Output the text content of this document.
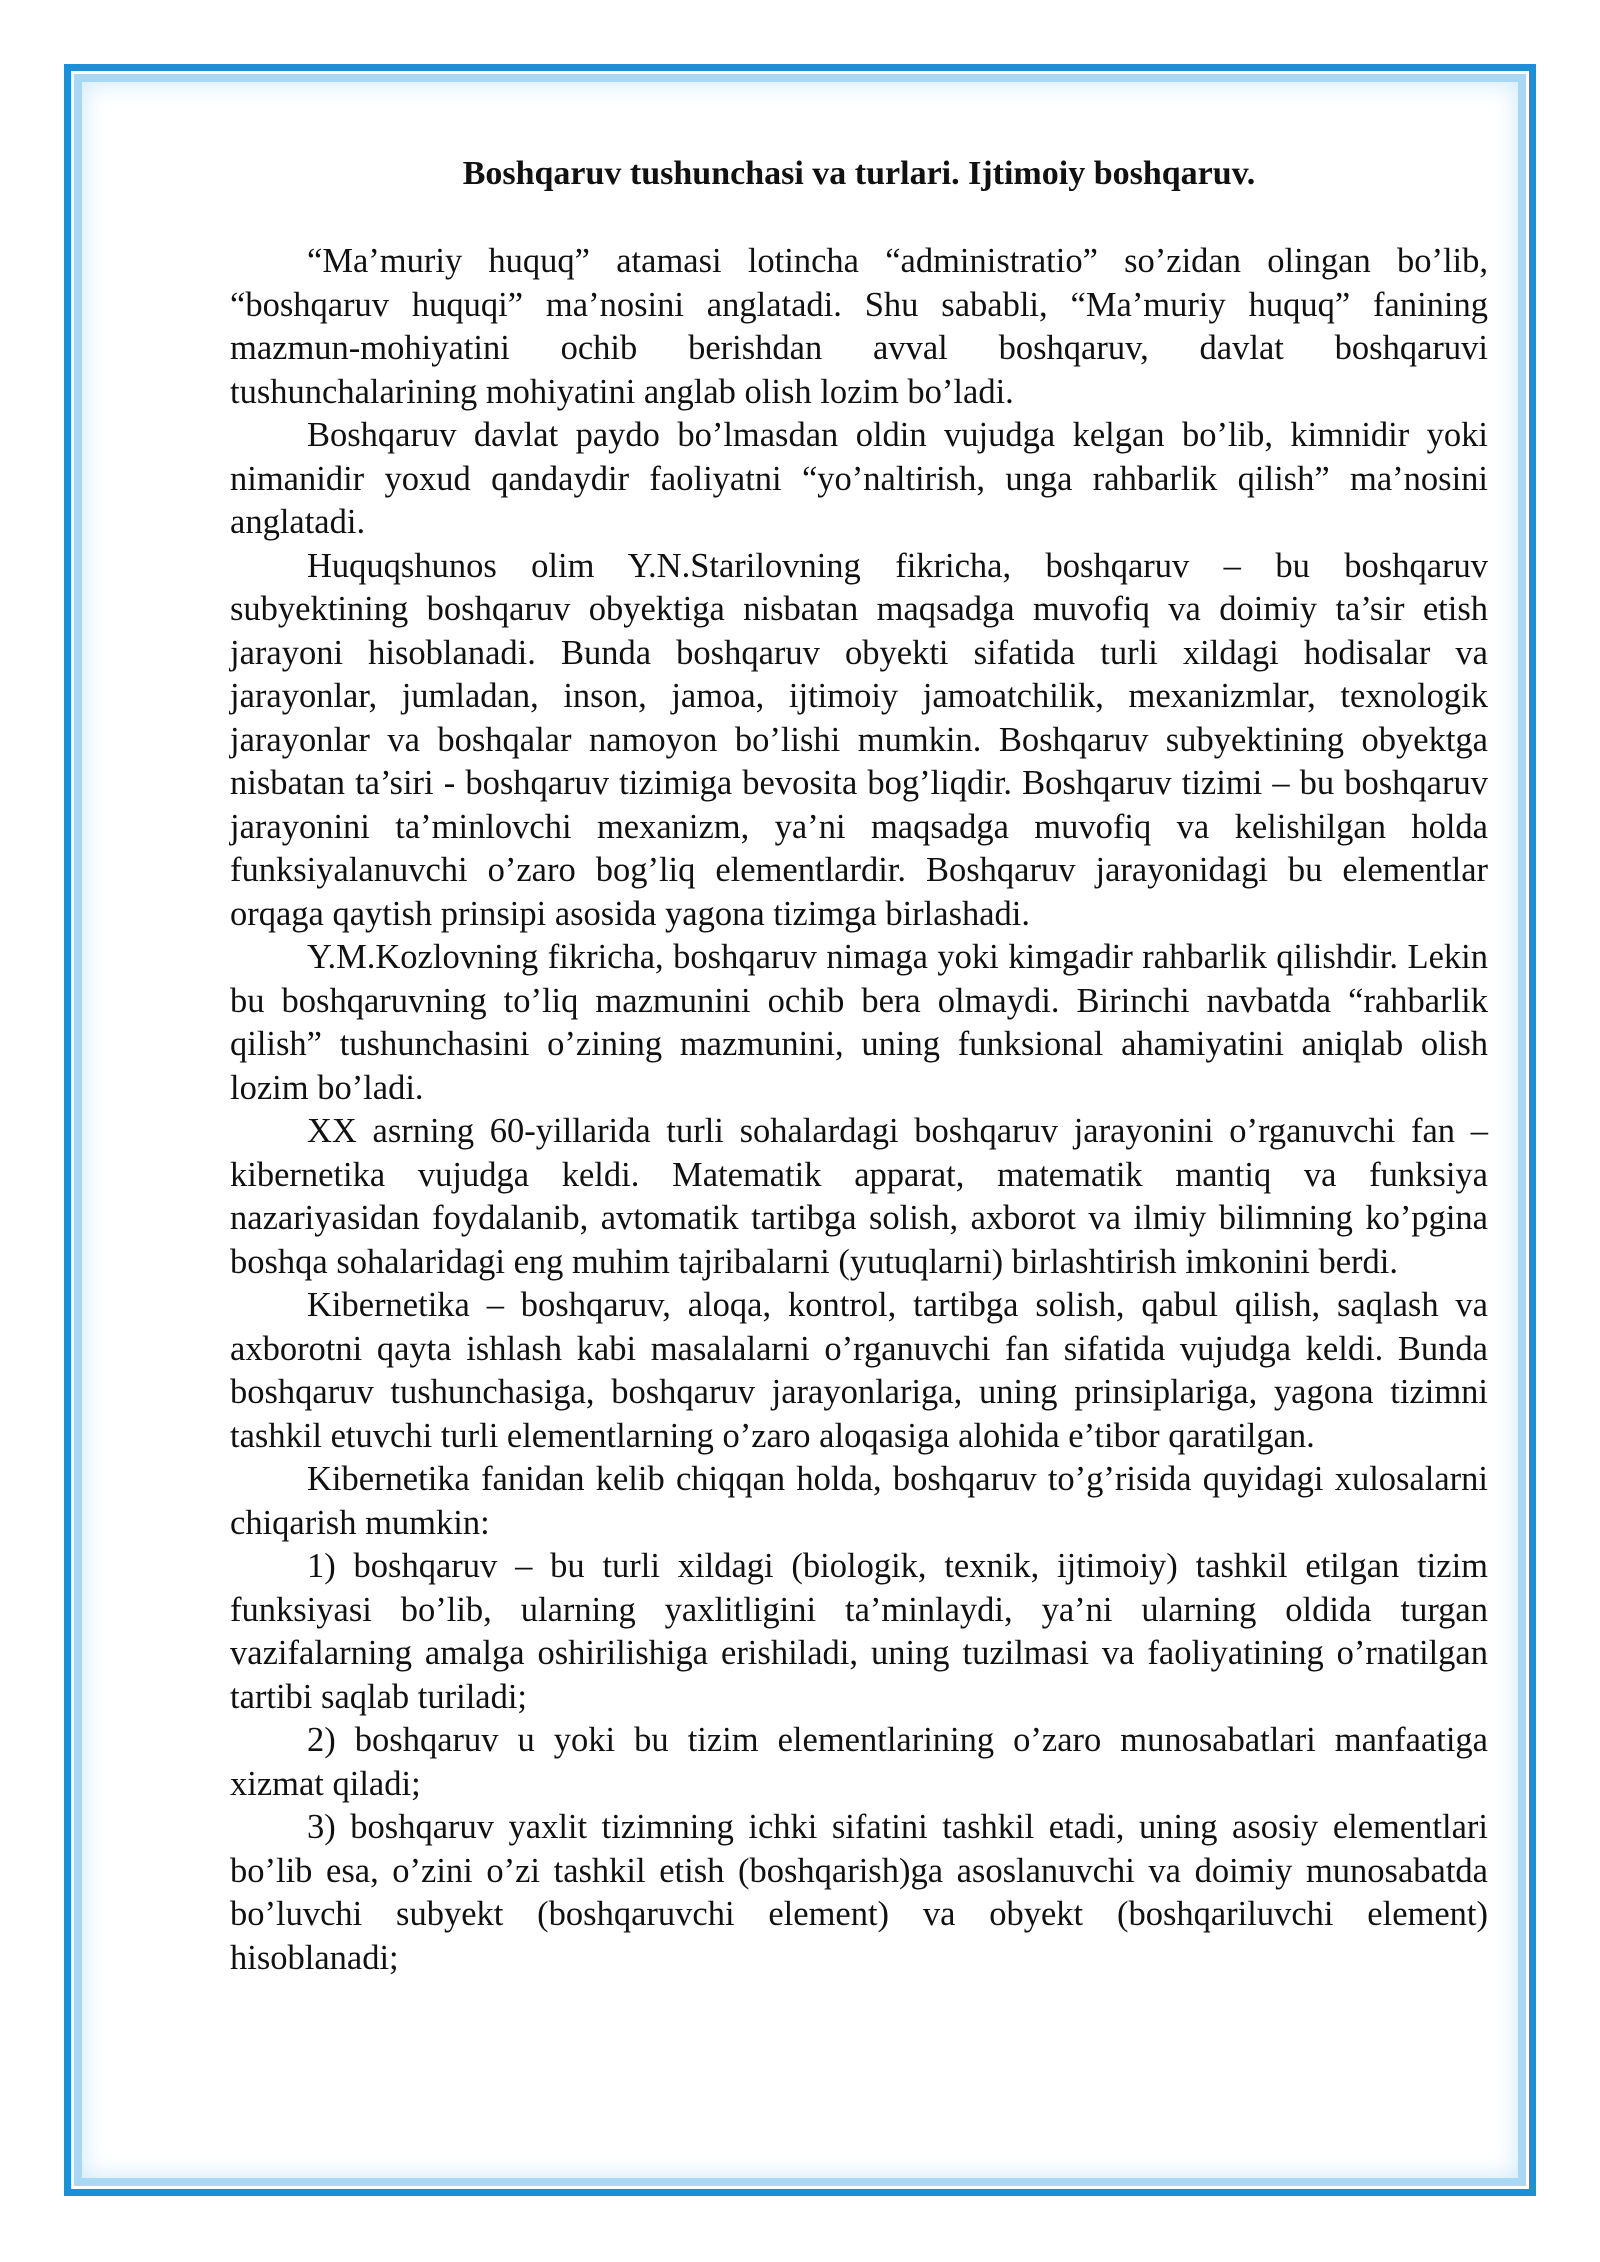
Boshqaruv tushunchasi va turlari. Ijtimoiy boshqaruv.

“Ma’muriy huquq” atamasi lotincha “administratio” so’zidan olingan bo’lib, “boshqaruv huquqi” ma’nosini anglatadi. Shu sababli, “Ma’muriy huquq” fanining mazmun-mohiyatini ochib berishdan avval boshqaruv, davlat boshqaruvi tushunchalarining mohiyatini anglab olish lozim bo’ladi.

Boshqaruv davlat paydo bo’lmasdan oldin vujudga kelgan bo’lib, kimnidir yoki nimanidir yoxud qandaydir faoliyatni “yo’naltirish, unga rahbarlik qilish” ma’nosini anglatadi.

Huquqshunos olim Y.N.Starilovning fikricha, boshqaruv – bu boshqaruv subyektining boshqaruv obyektiga nisbatan maqsadga muvofiq va doimiy ta’sir etish jarayoni hisoblanadi. Bunda boshqaruv obyekti sifatida turli xildagi hodisalar va jarayonlar, jumladan, inson, jamoa, ijtimoiy jamoatchilik, mexanizmlar, texnologik jarayonlar va boshqalar namoyon bo’lishi mumkin. Boshqaruv subyektining obyektga nisbatan ta’siri - boshqaruv tizimiga bevosita bog’liqdir. Boshqaruv tizimi – bu boshqaruv jarayonini ta’minlovchi mexanizm, ya’ni maqsadga muvofiq va kelishilgan holda funksiyalanuvchi o’zaro bog’liq elementlardir. Boshqaruv jarayonidagi bu elementlar orqaga qaytish prinsipi asosida yagona tizimga birlashadi.

Y.M.Kozlovning fikricha, boshqaruv nimaga yoki kimgadir rahbarlik qilishdir. Lekin bu boshqaruvning to’liq mazmunini ochib bera olmaydi. Birinchi navbatda “rahbarlik qilish” tushunchasini o’zining mazmunini, uning funksional ahamiyatini aniqlab olish lozim bo’ladi.

XX asrning 60-yillarida turli sohalardagi boshqaruv jarayonini o’rganuvchi fan – kibernetika vujudga keldi. Matematik apparat, matematik mantiq va funksiya nazariyasidan foydalanib, avtomatik tartibga solish, axborot va ilmiy bilimning ko’pgina boshqa sohalaridagi eng muhim tajribalarni (yutuqlarni) birlashtirish imkonini berdi.

Kibernetika – boshqaruv, aloqa, kontrol, tartibga solish, qabul qilish, saqlash va axborotni qayta ishlash kabi masalalarni o’rganuvchi fan sifatida vujudga keldi. Bunda boshqaruv tushunchasiga, boshqaruv jarayonlariga, uning prinsiplariga, yagona tizimni tashkil etuvchi turli elementlarning o’zaro aloqasiga alohida e’tibor qaratilgan.

Kibernetika fanidan kelib chiqqan holda, boshqaruv to’g’risida quyidagi xulosalarni chiqarish mumkin:

1) boshqaruv – bu turli xildagi (biologik, texnik, ijtimoiy) tashkil etilgan tizim funksiyasi bo’lib, ularning yaxlitligini ta’minlaydi, ya’ni ularning oldida turgan vazifalarning amalga oshirilishiga erishiladi, uning tuzilmasi va faoliyatining o’rnatilgan tartibi saqlab turiladi;

2) boshqaruv u yoki bu tizim elementlarining o’zaro munosabatlari manfaatiga xizmat qiladi;

3) boshqaruv yaxlit tizimning ichki sifatini tashkil etadi, uning asosiy elementlari bo’lib esa, o’zini o’zi tashkil etish (boshqarish)ga asoslanuvchi va doimiy munosabatda bo’luvchi subyekt (boshqaruvchi element) va obyekt (boshqariluvchi element) hisoblanadi;
